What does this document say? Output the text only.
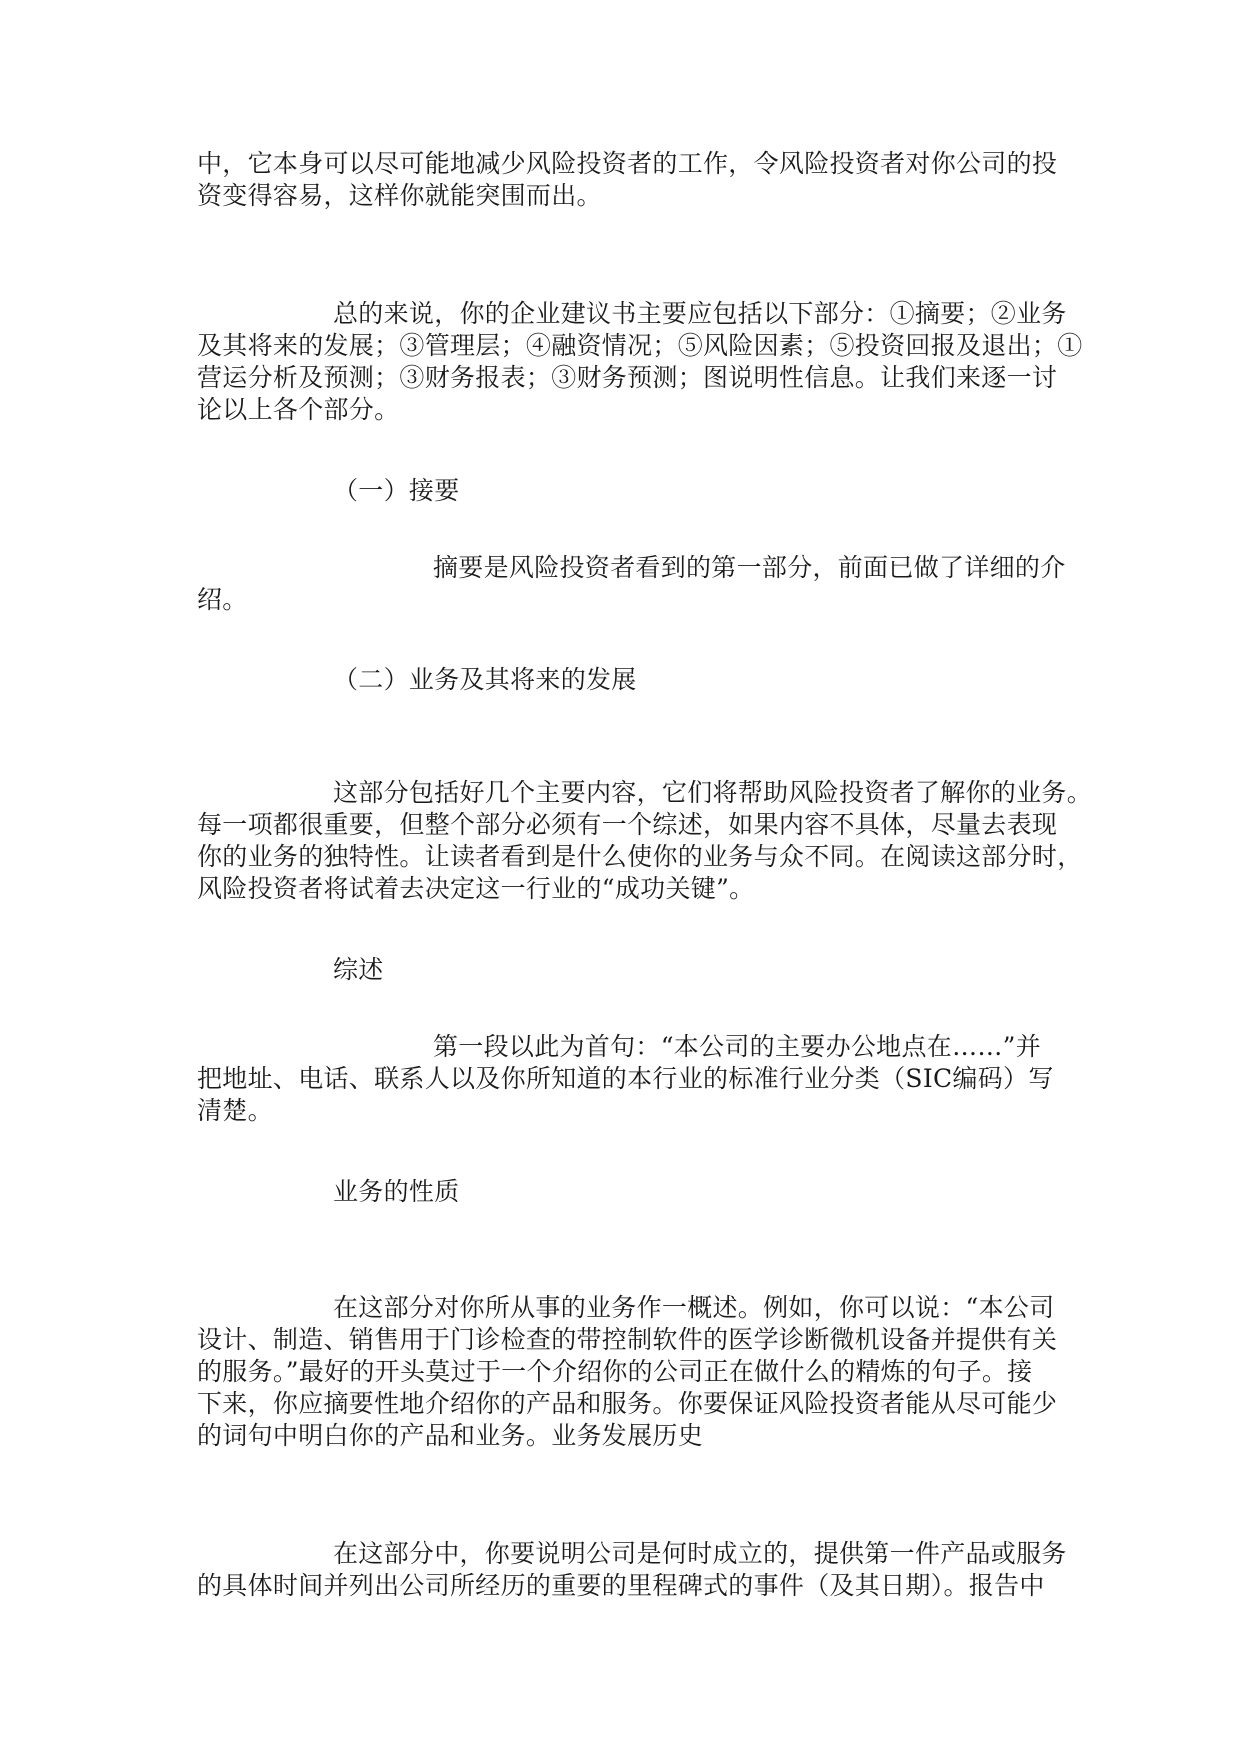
中，它本身可以尽可能地减少风险投资者的工作，令风险投资者对你公司的投
资变得容易，这样你就能突围而出。
总的来说，你的企业建议书主要应包括以下部分：①摘要；②业务
及其将来的发展；③管理层；④融资情况；⑤风险因素；⑤投资回报及退出；①
营运分析及预测；③财务报表；③财务预测；图说明性信息。让我们来逐一讨
论以上各个部分。

（一）接要

摘要是风险投资者看到的第一部分，前面已做了详细的介
绍。

（二）业务及其将来的发展

这部分包括好几个主要内容，它们将帮助风险投资者了解你的业务。
每一项都很重要，但整个部分必须有一个综述，如果内容不具体，尽量去表现
你的业务的独特性。让读者看到是什么使你的业务与众不同。在阅读这部分时，
风险投资者将试着去决定这一行业的“成功关键”。

综述

第一段以此为首句：“本公司的主要办公地点在……”并
把地址、电话、联系人以及你所知道的本行业的标准行业分类（SIC编码）写
清楚。

业务的性质

在这部分对你所从事的业务作一概述。例如，你可以说：“本公司
设计、制造、销售用于门诊检查的带控制软件的医学诊断微机设备并提供有关
的服务。”最好的开头莫过于一个介绍你的公司正在做什么的精炼的句子。接
下来，你应摘要性地介绍你的产品和服务。你要保证风险投资者能从尽可能少
的词句中明白你的产品和业务。业务发展历史
在这部分中，你要说明公司是何时成立的，提供第一件产品或服务
的具体时间并列出公司所经历的重要的里程碑式的事件（及其日期）。报告中
